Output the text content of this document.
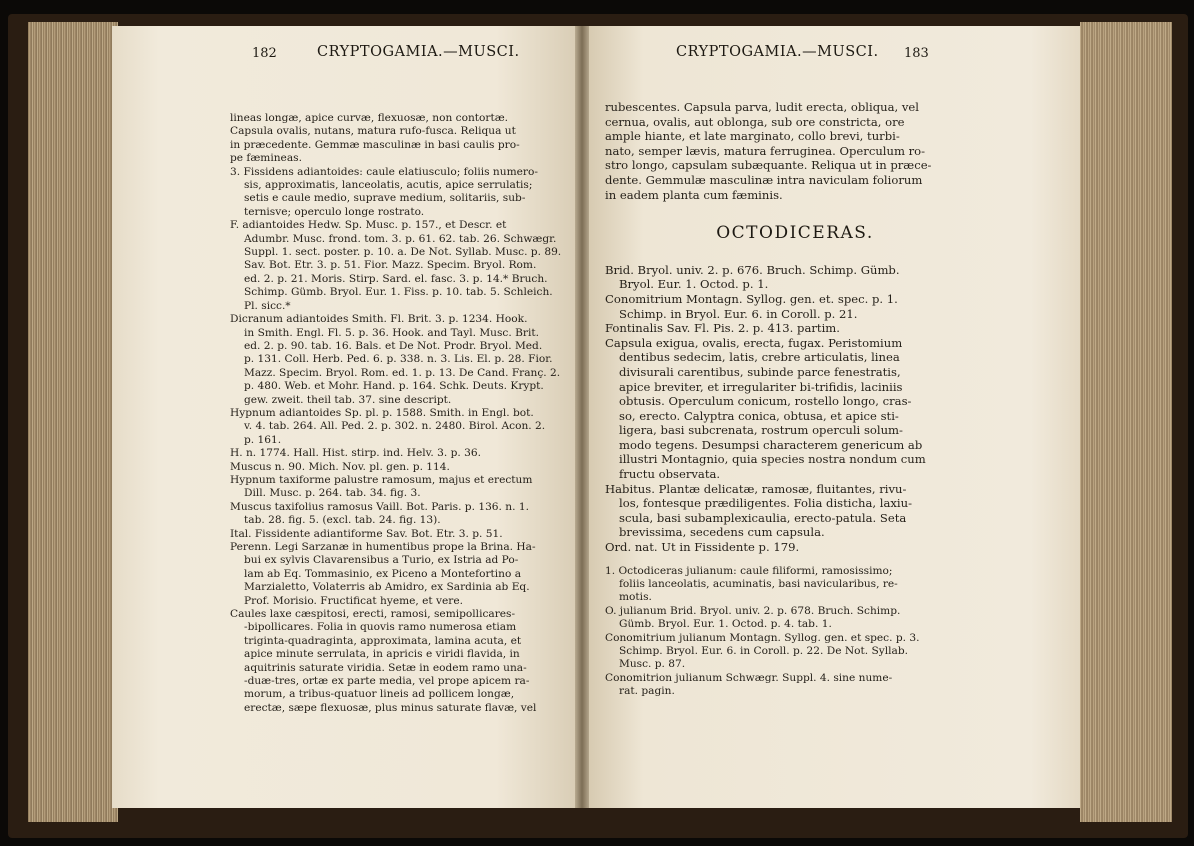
182	CRYPTOGAMIA.—MUSCI.	CRYPTOGAMIA.—MUSCI. 183

lineas longæ, apice curvæ, flexuosæ, non contortæ.

Capsula ovalis, nutans, matura rufo-fusca. Reliqua ut

in præcedente. Gemmæ masculinæ in basi caulis pro-

pe fæmineas.

3. Fissidens adiantoides: caule elatiusculo; foliis numero-

sis, approximatis, lanceolatis, acutis, apice serrulatis;

setis e caule medio, suprave medium, solitariis, sub-

ternisve; operculo longe rostrato.

F. adiantoides Hedw. Sp. Musc. p. 157., et Descr. et

Adumbr. Musc. frond. tom. 3. p. 61. 62. tab. 26. Schwægr.

Suppl. 1. sect. poster. p. 10. a. De Not. Syllab. Musc. p. 89.

Sav. Bot. Etr. 3. p. 51. Fior. Mazz. Specim. Bryol. Rom.

ed. 2. p. 21. Moris. Stirp. Sard. el. fasc. 3. p. 14.* Bruch.

Schimp. Gümb. Bryol. Eur. 1. Fiss. p. 10. tab. 5. Schleich.

Pl. sicc.*

Dicranum adiantoides Smith. Fl. Brit. 3. p. 1234. Hook.

in Smith. Engl. Fl. 5. p. 36. Hook. and Tayl. Musc. Brit.

ed. 2. p. 90. tab. 16. Bals. et De Not. Prodr. Bryol. Med.

p. 131. Coll. Herb. Ped. 6. p. 338. n. 3. Lis. El. p. 28. Fior.

Mazz. Specim. Bryol. Rom. ed. 1. p. 13. De Cand. Franç. 2.

p. 480. Web. et Mohr. Hand. p. 164. Schk. Deuts. Krypt.

gew. zweit. theil tab. 37. sine descript.

Hypnum adiantoides Sp. pl. p. 1588. Smith. in Engl. bot.

v. 4. tab. 264. All. Ped. 2. p. 302. n. 2480. Birol. Acon. 2.

p. 161.

H. n. 1774. Hall. Hist. stirp. ind. Helv. 3. p. 36.

Muscus n. 90. Mich. Nov. pl. gen. p. 114.

Hypnum taxiforme palustre ramosum, majus et erectum

Dill. Musc. p. 264. tab. 34. fig. 3.

Muscus taxifolius ramosus Vaill. Bot. Paris. p. 136. n. 1.

tab. 28. fig. 5. (excl. tab. 24. fig. 13).

Ital. Fissidente adiantiforme Sav. Bot. Etr. 3. p. 51.

Perenn. Legi Sarzanæ in humentibus prope la Brina. Ha-

bui ex sylvis Clavarensibus a Turio, ex Istria ad Po-

lam ab Eq. Tommasinio, ex Piceno a Montefortino a

Marzialetto, Volaterris ab Amidro, ex Sardinia ab Eq.

Prof. Morisio. Fructificat hyeme, et vere.

Caules laxe cæspitosi, erecti, ramosi, semipollicares-

-bipollicares. Folia in quovis ramo numerosa etiam

triginta-quadraginta, approximata, lamina acuta, et

apice minute serrulata, in apricis e viridi flavida, in

aquitrinis saturate viridia. Setæ in eodem ramo una-

-duæ-tres, ortæ ex parte media, vel prope apicem ra-

morum, a tribus-quatuor lineis ad pollicem longæ,

erectæ, sæpe flexuosæ, plus minus saturate flavæ, vel

rubescentes. Capsula parva, ludit erecta, obliqua, vel

cernua, ovalis, aut oblonga, sub ore constricta, ore

ample hiante, et late marginato, collo brevi, turbi-

nato, semper lævis, matura ferruginea. Operculum ro-

stro longo, capsulam subæquante. Reliqua ut in præce-

dente. Gemmulæ masculinæ intra naviculam foliorum

in eadem planta cum fæminis.

OCTODICERAS.

Brid. Bryol. univ. 2. p. 676. Bruch. Schimp. Gümb.

Bryol. Eur. 1. Octod. p. 1.

Conomitrium Montagn. Syllog. gen. et. spec. p. 1.

Schimp. in Bryol. Eur. 6. in Coroll. p. 21.

Fontinalis Sav. Fl. Pis. 2. p. 413. partim.

Capsula exigua, ovalis, erecta, fugax. Peristomium

dentibus sedecim, latis, crebre articulatis, linea

divisurali carentibus, subinde parce fenestratis,

apice breviter, et irregulariter bi-trifidis, laciniis

obtusis. Operculum conicum, rostello longo, cras-

so, erecto. Calyptra conica, obtusa, et apice sti-

ligera, basi subcrenata, rostrum operculi solum-

modo tegens. Desumpsi characterem genericum ab

illustri Montagnio, quia species nostra nondum cum

fructu observata.

Habitus. Plantæ delicatæ, ramosæ, fluitantes, rivu-

los, fontesque prædiligentes. Folia disticha, laxiu-

scula, basi subamplexicaulia, erecto-patula. Seta

brevissima, secedens cum capsula.

Ord. nat. Ut in Fissidente p. 179.

1. Octodiceras julianum: caule filiformi, ramosissimo;

foliis lanceolatis, acuminatis, basi navicularibus, re-

motis.

O. julianum Brid. Bryol. univ. 2. p. 678. Bruch. Schimp.

Gümb. Bryol. Eur. 1. Octod. p. 4. tab. 1.

Conomitrium julianum Montagn. Syllog. gen. et spec. p. 3.

Schimp. Bryol. Eur. 6. in Coroll. p. 22. De Not. Syllab.

Musc. p. 87.

Conomitrion julianum Schwægr. Suppl. 4. sine nume-

rat. pagin.
